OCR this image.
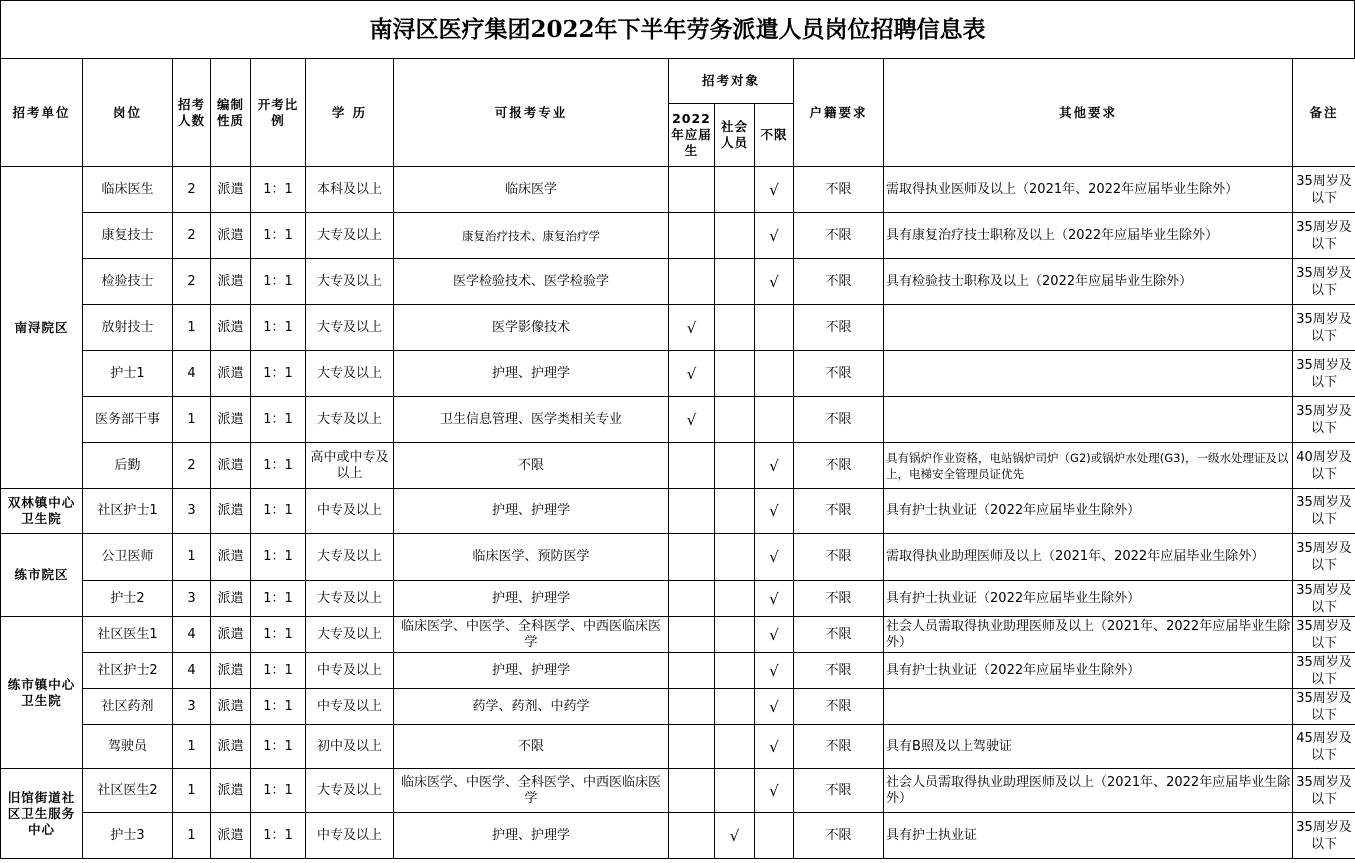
南浔区医疗集团2022年下半年劳务派遣人员岗位招聘信息表
招考单位	岗位	招考人数	编制性质	开考比例	学 历	可报考专业	招考对象			户籍要求	其他要求	备注
							2022年应届生	社会人员	不限			
南浔院区	临床医生	2	派遣	1：1	本科及以上	临床医学			√	不限	需取得执业医师及以上（2021年、2022年应届毕业生除外）	35周岁及以下
	康复技士	2	派遣	1：1	大专及以上	康复治疗技术、康复治疗学			√	不限	具有康复治疗技士职称及以上（2022年应届毕业生除外）	35周岁及以下
	检验技士	2	派遣	1：1	大专及以上	医学检验技术、医学检验学			√	不限	具有检验技士职称及以上（2022年应届毕业生除外）	35周岁及以下
	放射技士	1	派遣	1：1	大专及以上	医学影像技术	√			不限		35周岁及以下
	护士1	4	派遣	1：1	大专及以上	护理、护理学	√			不限		35周岁及以下
	医务部干事	1	派遣	1：1	大专及以上	卫生信息管理、医学类相关专业	√			不限		35周岁及以下
	后勤	2	派遣	1：1	高中或中专及以上	不限			√	不限	具有锅炉作业资格，电站锅炉司炉（G2)或锅炉水处理(G3)，一级水处理证及以上，电梯安全管理员证优先	40周岁及以下
双林镇中心卫生院	社区护士1	3	派遣	1：1	中专及以上	护理、护理学			√	不限	具有护士执业证（2022年应届毕业生除外）	35周岁及以下
练市院区	公卫医师	1	派遣	1：1	大专及以上	临床医学、预防医学			√	不限	需取得执业助理医师及以上（2021年、2022年应届毕业生除外）	35周岁及以下
	护士2	3	派遣	1：1	大专及以上	护理、护理学			√	不限	具有护士执业证（2022年应届毕业生除外）	35周岁及以下
练市镇中心卫生院	社区医生1	4	派遣	1：1	大专及以上	临床医学、中医学、全科医学、中西医临床医学			√	不限	社会人员需取得执业助理医师及以上（2021年、2022年应届毕业生除外）	35周岁及以下
	社区护士2	4	派遣	1：1	中专及以上	护理、护理学			√	不限	具有护士执业证（2022年应届毕业生除外）	35周岁及以下
	社区药剂	3	派遣	1：1	中专及以上	药学、药剂、中药学			√	不限		35周岁及以下
	驾驶员	1	派遣	1：1	初中及以上	不限			√	不限	具有B照及以上驾驶证	45周岁及以下
旧馆街道社区卫生服务中心	社区医生2	1	派遣	1：1	大专及以上	临床医学、中医学、全科医学、中西医临床医学			√	不限	社会人员需取得执业助理医师及以上（2021年、2022年应届毕业生除外）	35周岁及以下
	护士3	1	派遣	1：1	中专及以上	护理、护理学		√		不限	具有护士执业证	35周岁及以下
